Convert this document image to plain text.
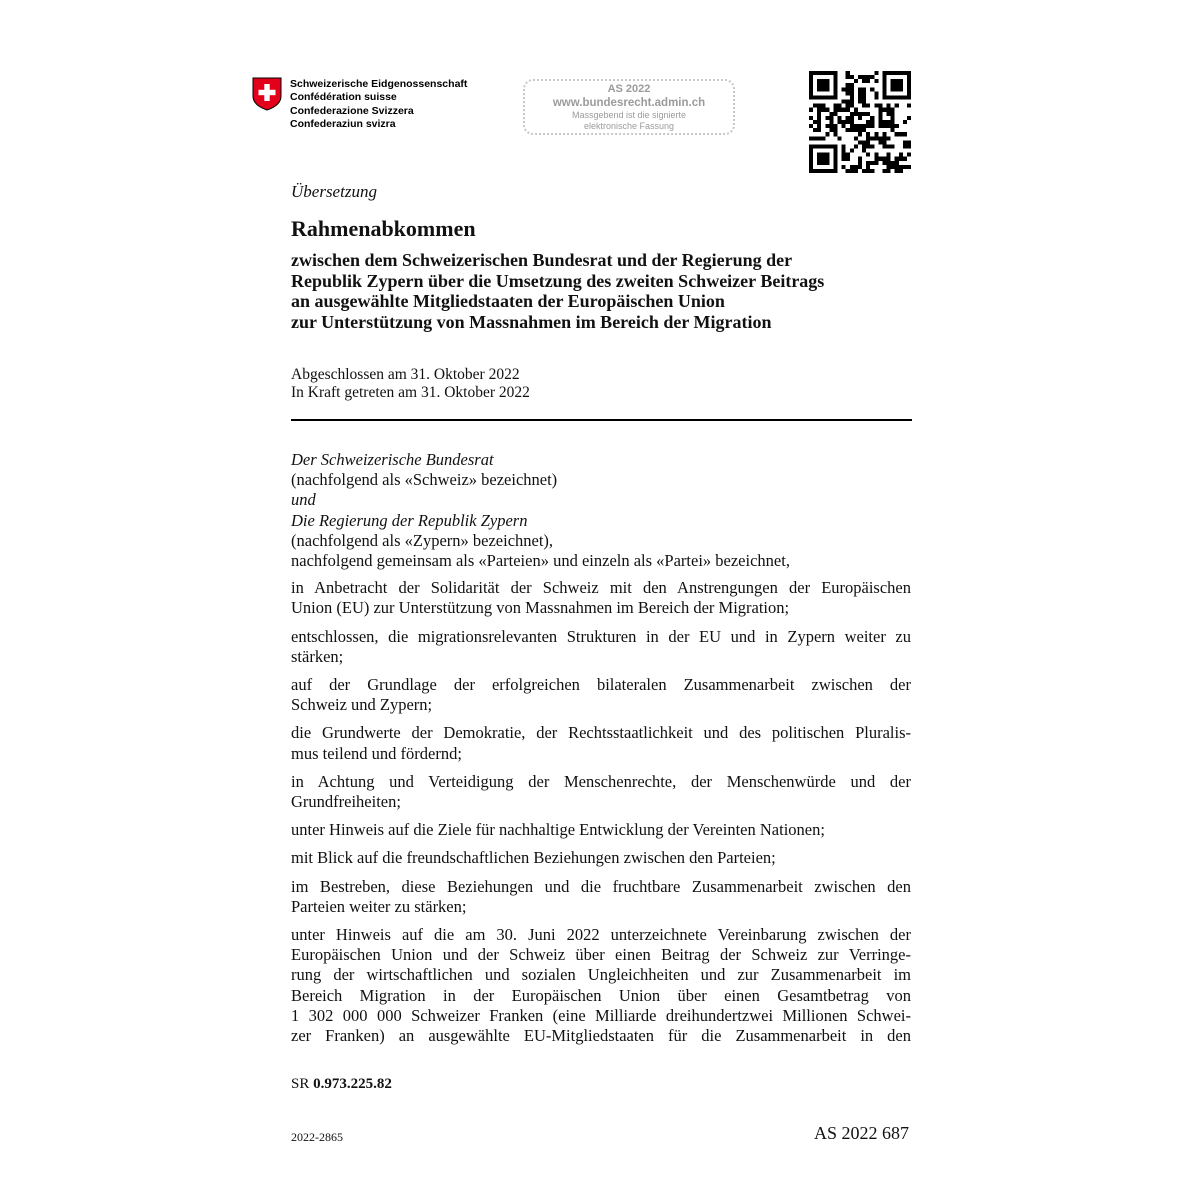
Schweizerische Eidgenossenschaft
Confédération suisse
Confederazione Svizzera
Confederaziun svizra
AS 2022
www.bundesrecht.admin.ch
Massgebend ist die signierte
elektronische Fassung
Übersetzung
Rahmenabkommen
zwischen dem Schweizerischen Bundesrat und der Regierung der
Republik Zypern über die Umsetzung des zweiten Schweizer Beitrags
an ausgewählte Mitgliedstaaten der Europäischen Union
zur Unterstützung von Massnahmen im Bereich der Migration
Abgeschlossen am 31. Oktober 2022
In Kraft getreten am 31. Oktober 2022
Der Schweizerische Bundesrat
(nachfolgend als «Schweiz» bezeichnet)
und
Die Regierung der Republik Zypern
(nachfolgend als «Zypern» bezeichnet),
nachfolgend gemeinsam als «Parteien» und einzeln als «Partei» bezeichnet,

in Anbetracht der Solidarität der Schweiz mit den Anstrengungen der Europäischen
Union (EU) zur Unterstützung von Massnahmen im Bereich der Migration;

entschlossen, die migrationsrelevanten Strukturen in der EU und in Zypern weiter zu
stärken;

auf der Grundlage der erfolgreichen bilateralen Zusammenarbeit zwischen der
Schweiz und Zypern;

die Grundwerte der Demokratie, der Rechtsstaatlichkeit und des politischen Pluralis-
mus teilend und fördernd;

in Achtung und Verteidigung der Menschenrechte, der Menschenwürde und der
Grundfreiheiten;

unter Hinweis auf die Ziele für nachhaltige Entwicklung der Vereinten Nationen;

mit Blick auf die freundschaftlichen Beziehungen zwischen den Parteien;

im Bestreben, diese Beziehungen und die fruchtbare Zusammenarbeit zwischen den
Parteien weiter zu stärken;

unter Hinweis auf die am 30. Juni 2022 unterzeichnete Vereinbarung zwischen der
Europäischen Union und der Schweiz über einen Beitrag der Schweiz zur Verringe-
rung der wirtschaftlichen und sozialen Ungleichheiten und zur Zusammenarbeit im
Bereich Migration in der Europäischen Union über einen Gesamtbetrag von
1 302 000 000 Schweizer Franken (eine Milliarde dreihundertzwei Millionen Schwei-
zer Franken) an ausgewählte EU-Mitgliedstaaten für die Zusammenarbeit in den

SR 0.973.225.82
2022-2865	AS 2022 687
